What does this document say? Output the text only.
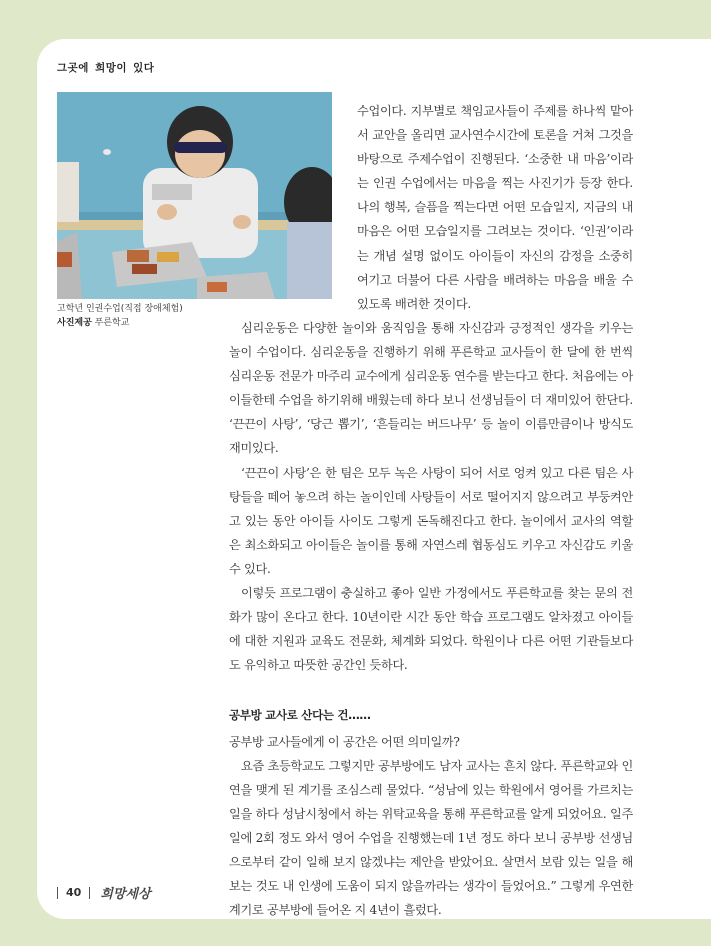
그곳에 희망이 있다
고학년 인권수업(직접 장애체험)
사진제공 푸른학교

수업이다. 지부별로 책임교사들이 주제를 하나씩 맡아서 교안을 올리면 교사연수시간에 토론을 거쳐 그것을 바탕으로 주제수업이 진행된다. ‘소중한 내 마음’이라는 인권 수업에서는 마음을 찍는 사진기가 등장 한다. 나의 행복, 슬픔을 찍는다면 어떤 모습일지, 지금의 내 마음은 어떤 모습일지를 그려보는 것이다. ‘인권’이라는 개념 설명 없이도 아이들이 자신의 감정을 소중히 여기고 더불어 다른 사람을 배려하는 마음을 배울 수 있도록 배려한 것이다.

심리운동은 다양한 놀이와 움직임을 통해 자신감과 긍정적인 생각을 키우는 놀이 수업이다. 심리운동을 진행하기 위해 푸른학교 교사들이 한 달에 한 번씩 심리운동 전문가 마주리 교수에게 심리운동 연수를 받는다고 한다. 처음에는 아이들한테 수업을 하기위해 배웠는데 하다 보니 선생님들이 더 재미있어 한단다. ‘끈끈이 사탕’, ‘당근 뽑기’, ‘흔들리는 버드나무’ 등 놀이 이름만큼이나 방식도 재미있다.

‘끈끈이 사탕’은 한 팀은 모두 녹은 사탕이 되어 서로 엉켜 있고 다른 팀은 사탕들을 떼어 놓으려 하는 놀이인데 사탕들이 서로 떨어지지 않으려고 부둥켜안고 있는 동안 아이들 사이도 그렇게 돈독해진다고 한다. 놀이에서 교사의 역할은 최소화되고 아이들은 놀이를 통해 자연스레 협동심도 키우고 자신감도 키울 수 있다.

이렇듯 프로그램이 충실하고 좋아 일반 가정에서도 푸른학교를 찾는 문의 전화가 많이 온다고 한다. 10년이란 시간 동안 학습 프로그램도 알차졌고 아이들에 대한 지원과 교육도 전문화, 체계화 되었다. 학원이나 다른 어떤 기관들보다도 유익하고 따뜻한 공간인 듯하다.

공부방 교사로 산다는 건……

공부방 교사들에게 이 공간은 어떤 의미일까?

요즘 초등학교도 그렇지만 공부방에도 남자 교사는 흔치 않다. 푸른학교와 인연을 맺게 된 계기를 조심스레 물었다. “성남에 있는 학원에서 영어를 가르치는 일을 하다 성남시청에서 하는 위탁교육을 통해 푸른학교를 알게 되었어요. 일주일에 2회 정도 와서 영어 수업을 진행했는데 1년 정도 하다 보니 공부방 선생님으로부터 같이 일해 보지 않겠냐는 제안을 받았어요. 살면서 보람 있는 일을 해보는 것도 내 인생에 도움이 되지 않을까라는 생각이 들었어요.” 그렇게 우연한 계기로 공부방에 들어온 지 4년이 흘렀다.

40 희망세상
